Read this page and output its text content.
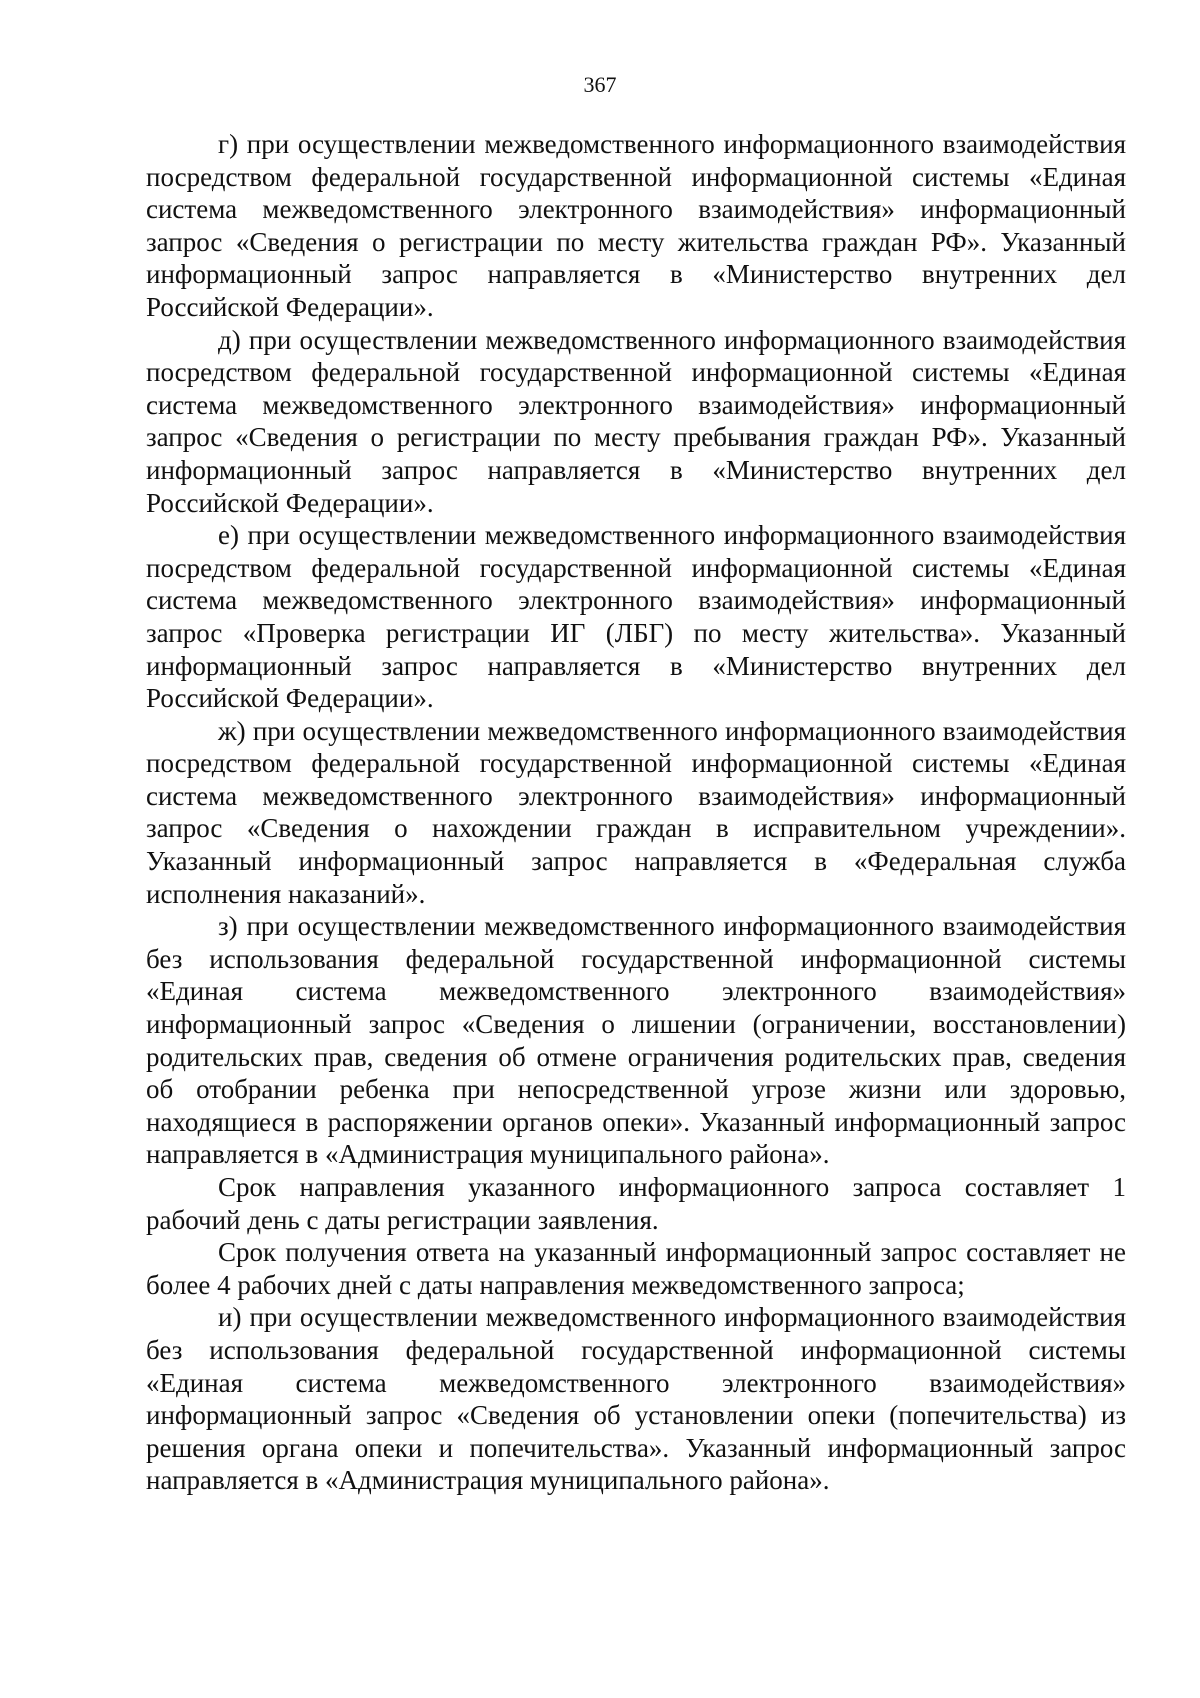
367

г) при осуществлении межведомственного информационного взаимодействия посредством федеральной государственной информационной системы «Единая система межведомственного электронного взаимодействия» информационный запрос «Сведения о регистрации по месту жительства граждан РФ». Указанный информационный запрос направляется в «Министерство внутренних дел Российской Федерации».

д) при осуществлении межведомственного информационного взаимодействия посредством федеральной государственной информационной системы «Единая система межведомственного электронного взаимодействия» информационный запрос «Сведения о регистрации по месту пребывания граждан РФ». Указанный информационный запрос направляется в «Министерство внутренних дел Российской Федерации».

е) при осуществлении межведомственного информационного взаимодействия посредством федеральной государственной информационной системы «Единая система межведомственного электронного взаимодействия» информационный запрос «Проверка регистрации ИГ (ЛБГ) по месту жительства». Указанный информационный запрос направляется в «Министерство внутренних дел Российской Федерации».

ж) при осуществлении межведомственного информационного взаимодействия посредством федеральной государственной информационной системы «Единая система межведомственного электронного взаимодействия» информационный запрос «Сведения о нахождении граждан в исправительном учреждении». Указанный информационный запрос направляется в «Федеральная служба исполнения наказаний».

з) при осуществлении межведомственного информационного взаимодействия без использования федеральной государственной информационной системы «Единая система межведомственного электронного взаимодействия» информационный запрос «Сведения о лишении (ограничении, восстановлении) родительских прав, сведения об отмене ограничения родительских прав, сведения об отобрании ребенка при непосредственной угрозе жизни или здоровью, находящиеся в распоряжении органов опеки». Указанный информационный запрос направляется в «Администрация муниципального района».

Срок направления указанного информационного запроса составляет 1 рабочий день с даты регистрации заявления.

Срок получения ответа на указанный информационный запрос составляет не более 4 рабочих дней с даты направления межведомственного запроса;

и) при осуществлении межведомственного информационного взаимодействия без использования федеральной государственной информационной системы «Единая система межведомственного электронного взаимодействия» информационный запрос «Сведения об установлении опеки (попечительства) из решения органа опеки и попечительства». Указанный информационный запрос направляется в «Администрация муниципального района».
